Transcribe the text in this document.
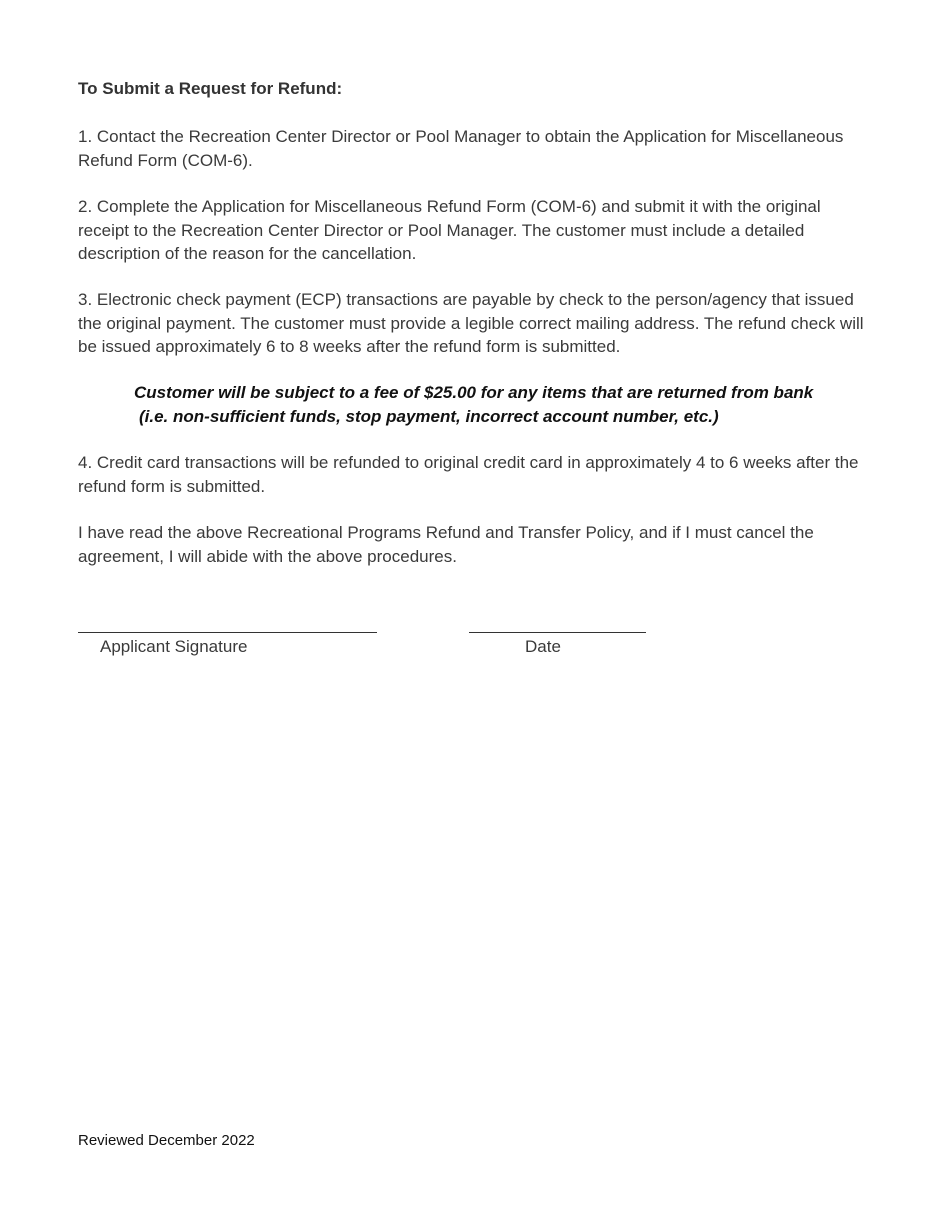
To Submit a Request for Refund:

1. Contact the Recreation Center Director or Pool Manager to obtain the Application for Miscellaneous Refund Form (COM-6).

2. Complete the Application for Miscellaneous Refund Form (COM-6) and submit it with the original receipt to the Recreation Center Director or Pool Manager. The customer must include a detailed description of the reason for the cancellation.

3. Electronic check payment (ECP) transactions are payable by check to the person/agency that issued the original payment. The customer must provide a legible correct mailing address. The refund check will be issued approximately 6 to 8 weeks after the refund form is submitted.

Customer will be subject to a fee of $25.00 for any items that are returned from bank
(i.e. non-sufficient funds, stop payment, incorrect account number, etc.)

4. Credit card transactions will be refunded to original credit card in approximately 4 to 6 weeks after the refund form is submitted.

I have read the above Recreational Programs Refund and Transfer Policy, and if I must cancel the agreement, I will abide with the above procedures.

Applicant Signature	Date
Reviewed December 2022
